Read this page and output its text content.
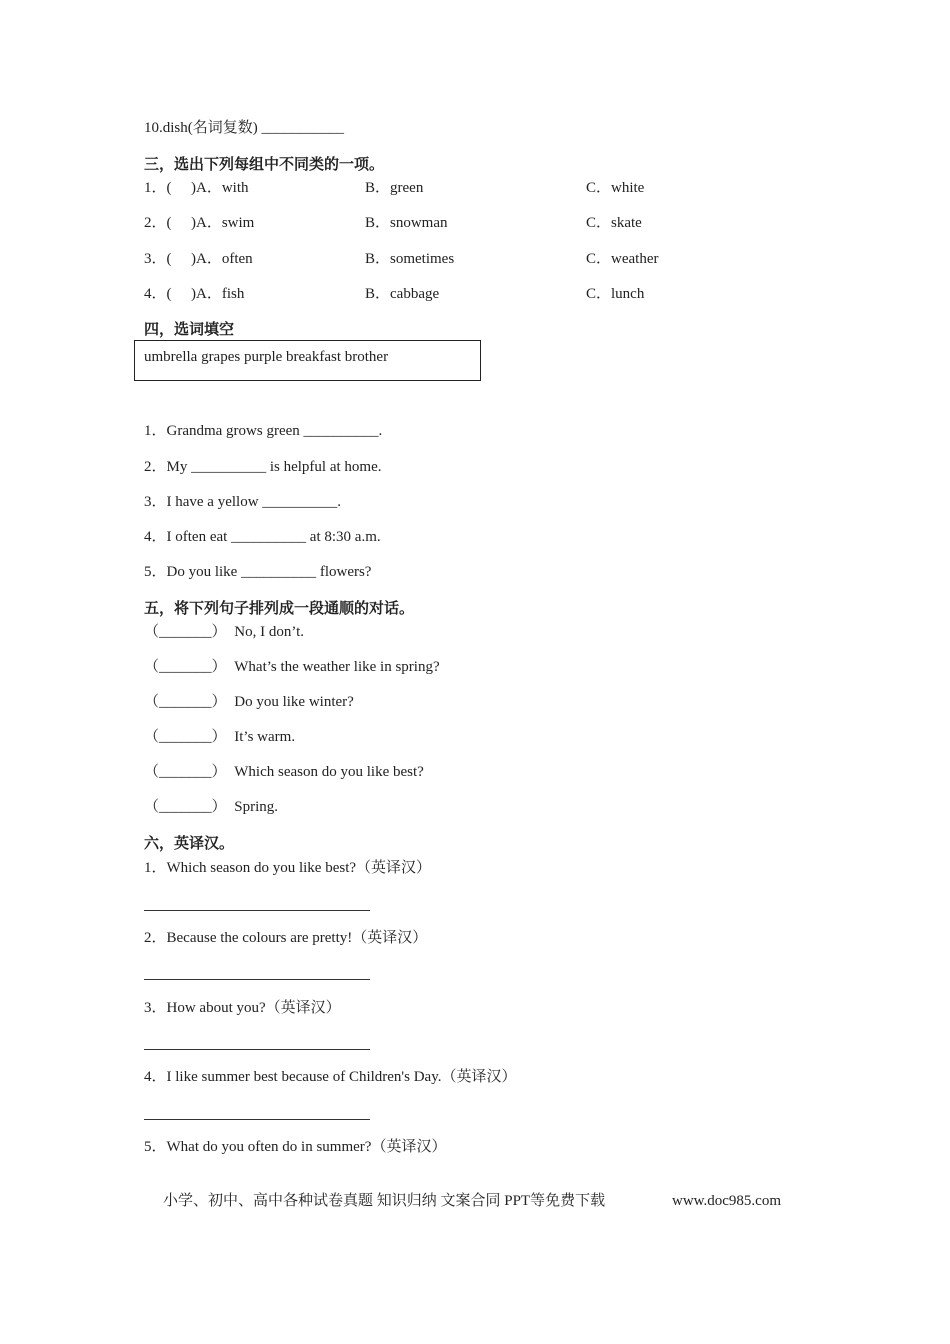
10.dish(名词复数) ___________
三，选出下列每组中不同类的一项。
1．( )A．with	B．green	C．white
2．( )A．swim	B．snowman	C．skate
3．( )A．often	B．sometimes	C．weather
4．( )A．fish	B．cabbage	C．lunch
四，选词填空
umbrella grapes purple breakfast brother
1．Grandma grows green __________.
2．My __________ is helpful at home.
3．I have a yellow __________.
4．I often eat __________ at 8:30 a.m.
5．Do you like __________ flowers?
五，将下列句子排列成一段通顺的对话。
（_______） No, I don’t.
（_______） What’s the weather like in spring?
（_______） Do you like winter?
（_______） It’s warm.
（_______） Which season do you like best?
（_______） Spring.
六，英译汉。
1．Which season do you like best?（英译汉）
2．Because the colours are pretty!（英译汉）
3．How about you?（英译汉）
4．I like summer best because of Children's Day.（英译汉）
5．What do you often do in summer?（英译汉）
小学、初中、高中各种试卷真题 知识归纳 文案合同 PPT等免费下载	www.doc985.com
